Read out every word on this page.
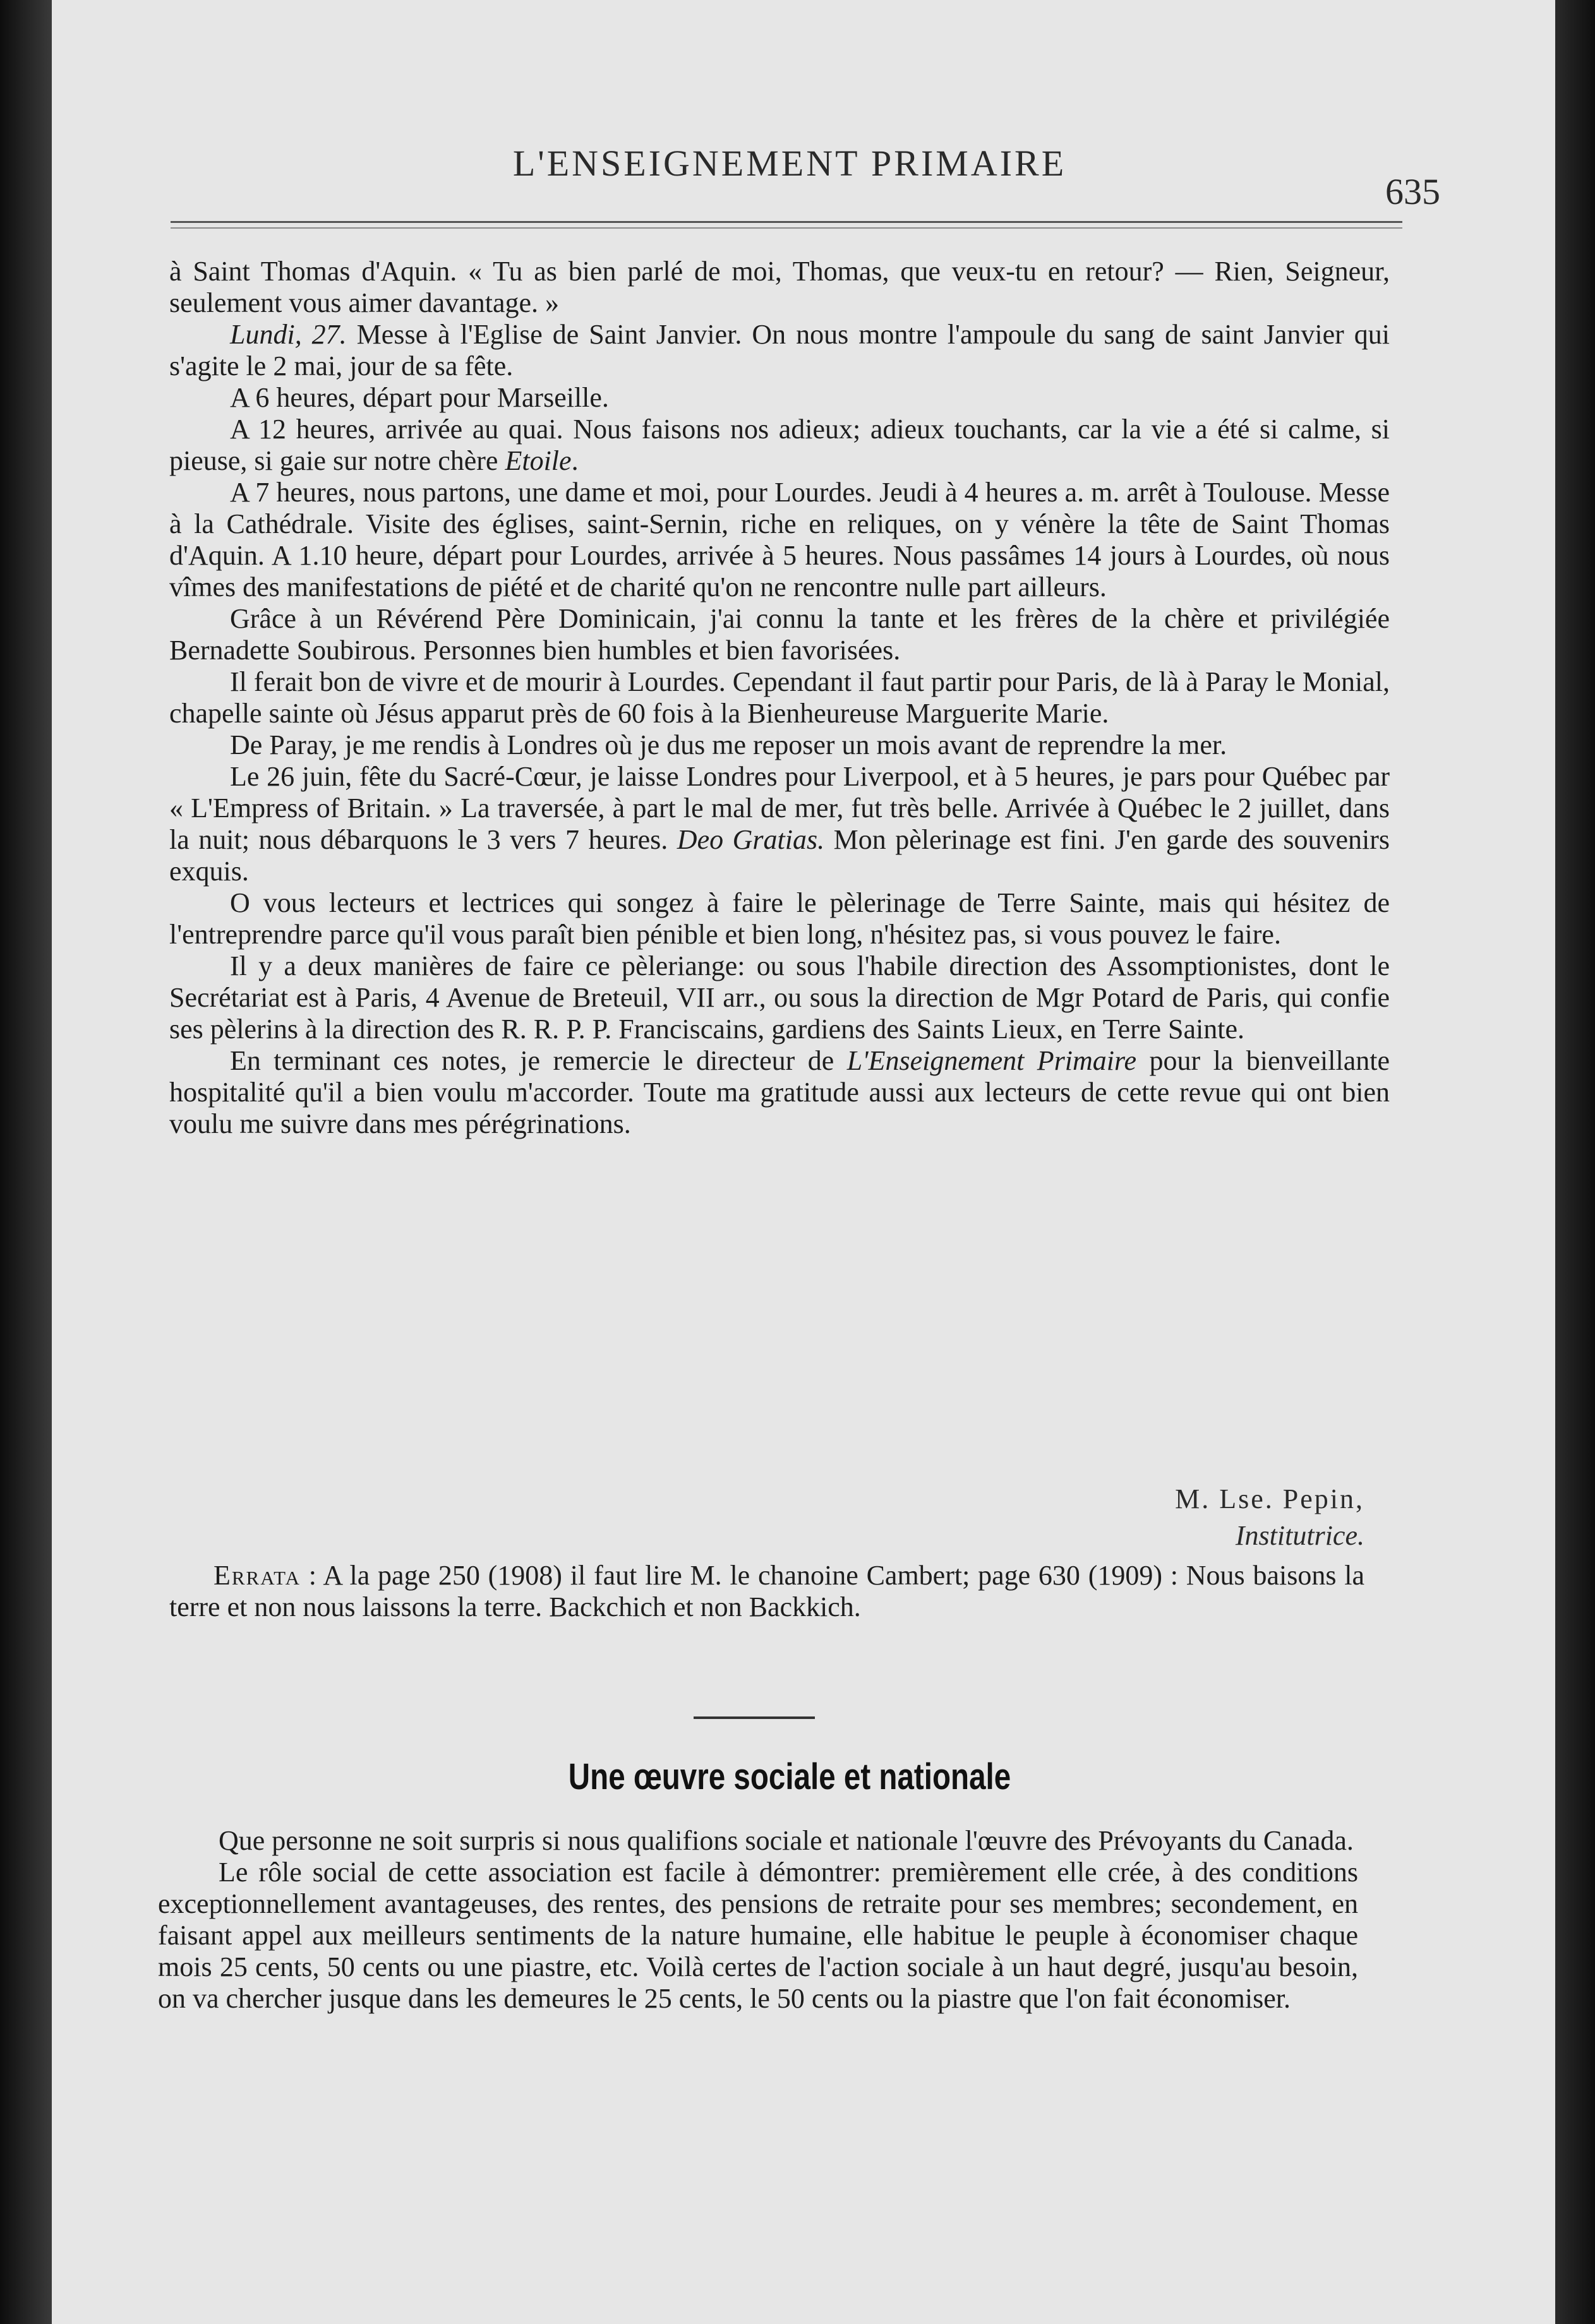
L'ENSEIGNEMENT PRIMAIRE
635

à Saint Thomas d'Aquin. « Tu as bien parlé de moi, Thomas, que veux-tu en retour? — Rien, Seigneur, seulement vous aimer davantage. »

Lundi, 27. Messe à l'Eglise de Saint Janvier. On nous montre l'ampoule du sang de saint Janvier qui s'agite le 2 mai, jour de sa fête.

A 6 heures, départ pour Marseille.

A 12 heures, arrivée au quai. Nous faisons nos adieux; adieux touchants, car la vie a été si calme, si pieuse, si gaie sur notre chère Etoile.

A 7 heures, nous partons, une dame et moi, pour Lourdes. Jeudi à 4 heures a. m. arrêt à Toulouse. Messe à la Cathédrale. Visite des églises, saint-Sernin, riche en reliques, on y vénère la tête de Saint Thomas d'Aquin. A 1.10 heure, départ pour Lourdes, arrivée à 5 heures. Nous passâmes 14 jours à Lourdes, où nous vîmes des manifestations de piété et de charité qu'on ne rencontre nulle part ailleurs.

Grâce à un Révérend Père Dominicain, j'ai connu la tante et les frères de la chère et privilégiée Bernadette Soubirous. Personnes bien humbles et bien favorisées.

Il ferait bon de vivre et de mourir à Lourdes. Cependant il faut partir pour Paris, de là à Paray le Monial, chapelle sainte où Jésus apparut près de 60 fois à la Bienheureuse Marguerite Marie.

De Paray, je me rendis à Londres où je dus me reposer un mois avant de reprendre la mer.

Le 26 juin, fête du Sacré-Cœur, je laisse Londres pour Liverpool, et à 5 heures, je pars pour Québec par « L'Empress of Britain. » La traversée, à part le mal de mer, fut très belle. Arrivée à Québec le 2 juillet, dans la nuit; nous débarquons le 3 vers 7 heures. Deo Gratias. Mon pèlerinage est fini. J'en garde des souvenirs exquis.

O vous lecteurs et lectrices qui songez à faire le pèlerinage de Terre Sainte, mais qui hésitez de l'entreprendre parce qu'il vous paraît bien pénible et bien long, n'hésitez pas, si vous pouvez le faire.

Il y a deux manières de faire ce pèleriange: ou sous l'habile direction des Assomptionistes, dont le Secrétariat est à Paris, 4 Avenue de Breteuil, VII arr., ou sous la direction de Mgr Potard de Paris, qui confie ses pèlerins à la direction des R. R. P. P. Franciscains, gardiens des Saints Lieux, en Terre Sainte.

En terminant ces notes, je remercie le directeur de L'Enseignement Primaire pour la bienveillante hospitalité qu'il a bien voulu m'accorder. Toute ma gratitude aussi aux lecteurs de cette revue qui ont bien voulu me suivre dans mes pérégrinations.

M. Lse. Pepin,
Institutrice.
Errata : A la page 250 (1908) il faut lire M. le chanoine Cambert; page 630 (1909) : Nous baisons la terre et non nous laissons la terre. Backchich et non Backkich.
Une œuvre sociale et nationale

Que personne ne soit surpris si nous qualifions sociale et nationale l'œuvre des Prévoyants du Canada.

Le rôle social de cette association est facile à démontrer: premièrement elle crée, à des conditions exceptionnellement avantageuses, des rentes, des pensions de retraite pour ses membres; secondement, en faisant appel aux meilleurs sentiments de la nature humaine, elle habitue le peuple à économiser chaque mois 25 cents, 50 cents ou une piastre, etc. Voilà certes de l'action sociale à un haut degré, jusqu'au besoin, on va chercher jusque dans les demeures le 25 cents, le 50 cents ou la piastre que l'on fait économiser.
